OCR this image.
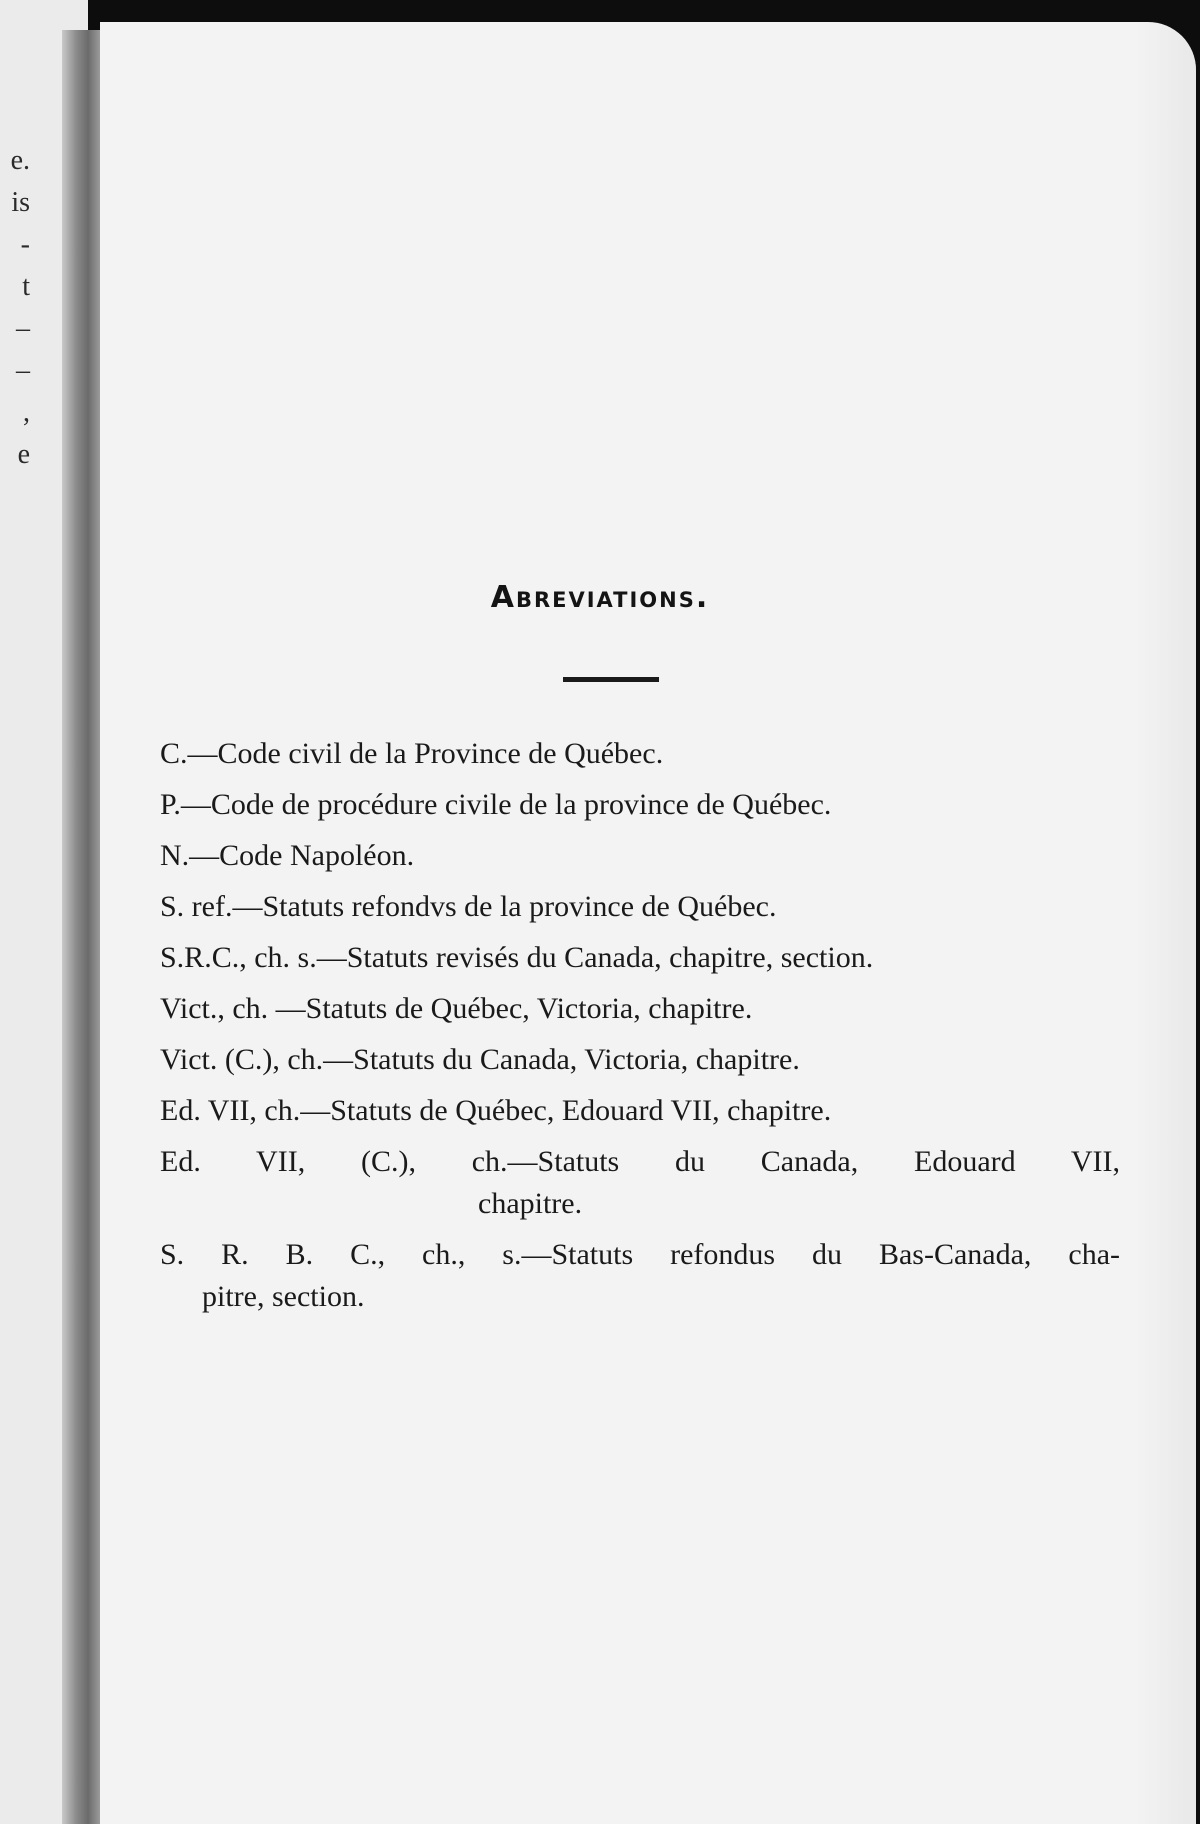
e.
is
-
t
–
–
,
e
Abreviations.
C.—Code civil de la Province de Québec.
P.—Code de procédure civile de la province de Québec.
N.—Code Napoléon.
S. ref.—Statuts refondvs de la province de Québec.
S.R.C., ch. s.—Statuts revisés du Canada, chapitre, section.
Vict., ch. —Statuts de Québec, Victoria, chapitre.
Vict. (C.), ch.—Statuts du Canada, Victoria, chapitre.
Ed. VII, ch.—Statuts de Québec, Edouard VII, chapitre.
Ed. VII, (C.), ch.—Statuts du Canada, Edouard VII,
chapitre.
S. R. B. C., ch., s.—Statuts refondus du Bas-Canada, cha-
pitre, section.
